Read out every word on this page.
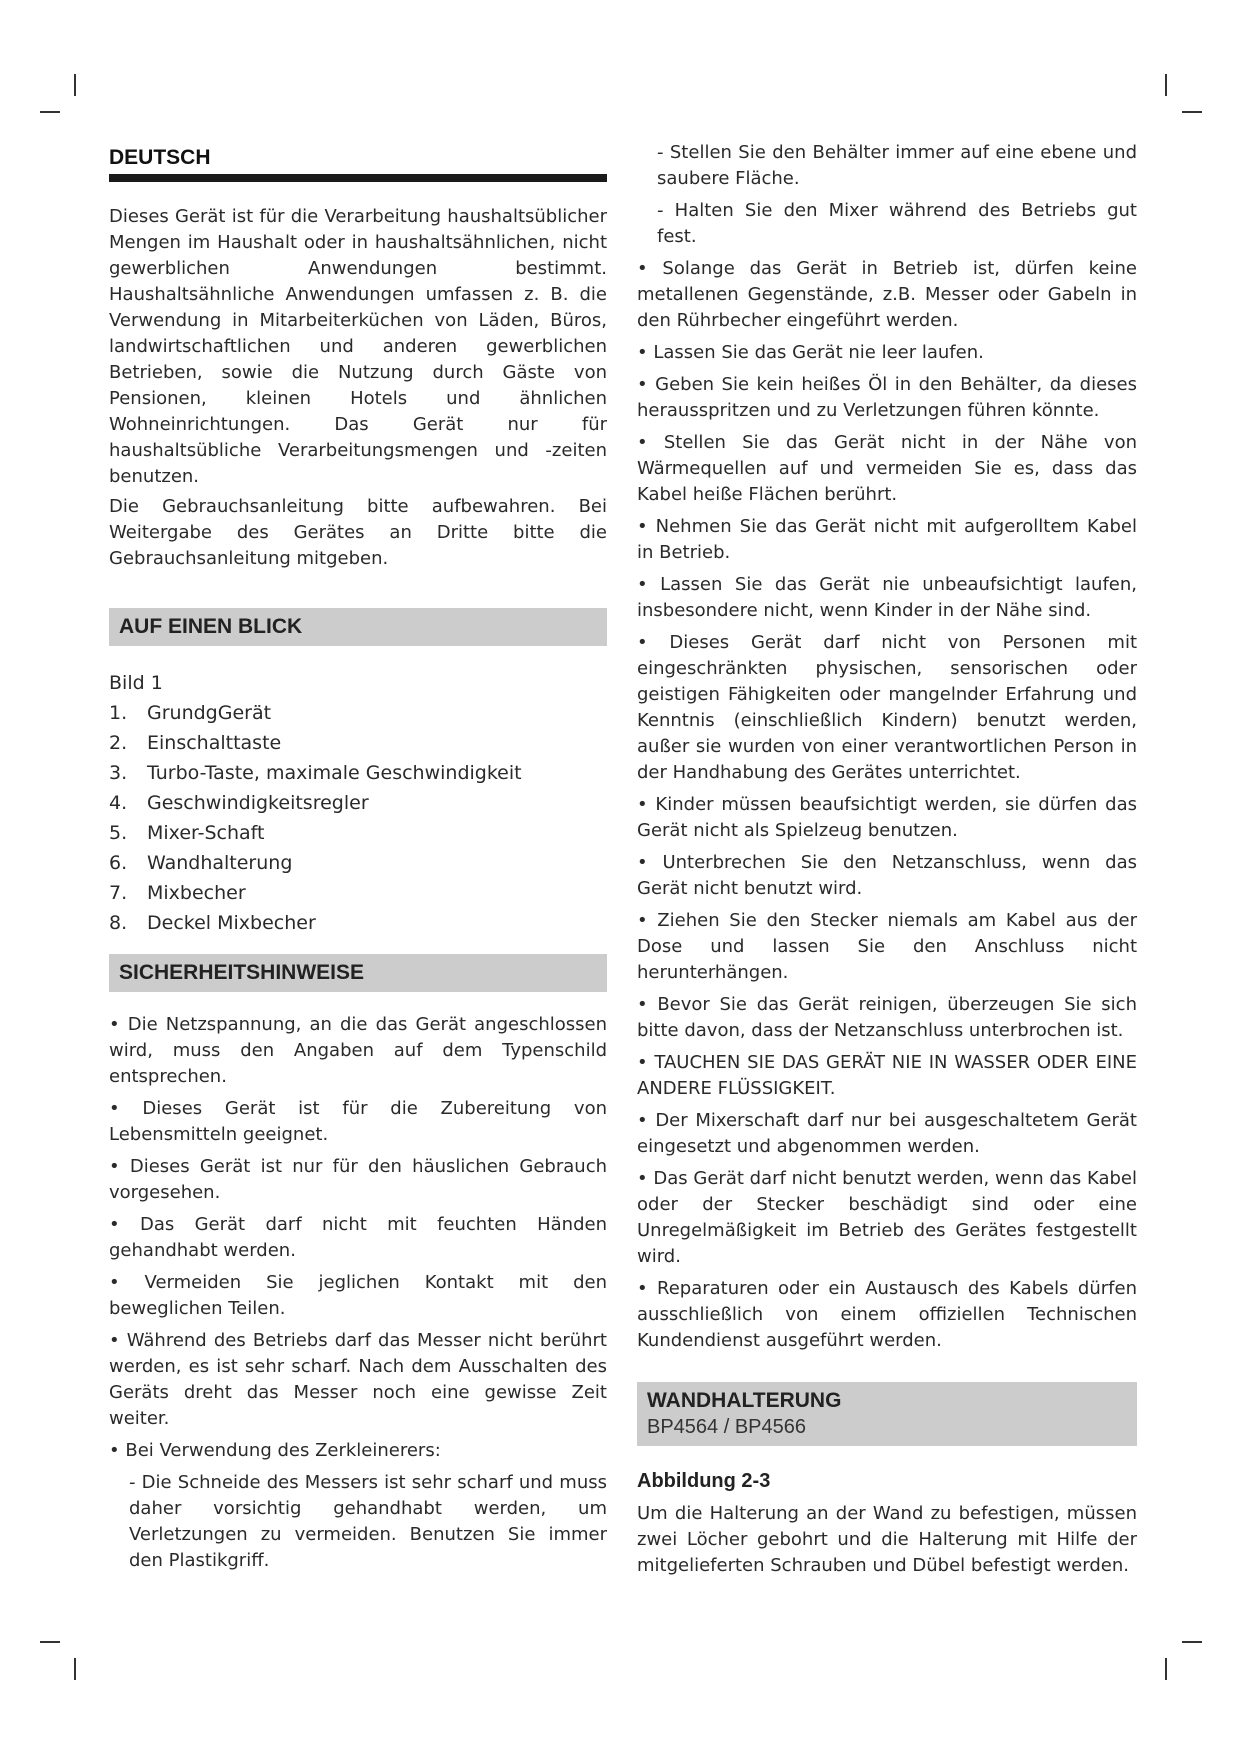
DEUTSCH

Dieses Gerät ist für die Verarbeitung haushaltsüblicher Mengen im Haushalt oder in haushaltsähnlichen, nicht gewerblichen Anwendungen bestimmt. Haushaltsähnliche Anwendungen umfassen z. B. die Verwendung in Mitarbeiterküchen von Läden, Büros, landwirtschaftlichen und anderen gewerblichen Betrieben, sowie die Nutzung durch Gäste von Pensionen, kleinen Hotels und ähnlichen Wohneinrichtungen. Das Gerät nur für haushaltsübliche Verarbeitungsmengen und -zeiten benutzen.

Die Gebrauchsanleitung bitte aufbewahren. Bei Weitergabe des Gerätes an Dritte bitte die Gebrauchsanleitung mitgeben.

AUF EINEN BLICK

Bild 1

1. GrundgGerät
2. Einschalttaste
3. Turbo-Taste, maximale Geschwindigkeit
4. Geschwindigkeitsregler
5. Mixer-Schaft
6. Wandhalterung
7. Mixbecher
8. Deckel Mixbecher
SICHERHEITSHINWEISE

• Die Netzspannung, an die das Gerät angeschlossen wird, muss den Angaben auf dem Typenschild entsprechen.

• Dieses Gerät ist für die Zubereitung von Lebensmitteln geeignet.

• Dieses Gerät ist nur für den häuslichen Gebrauch vorgesehen.

• Das Gerät darf nicht mit feuchten Händen gehandhabt werden.

• Vermeiden Sie jeglichen Kontakt mit den beweglichen Teilen.

• Während des Betriebs darf das Messer nicht berührt werden, es ist sehr scharf. Nach dem Ausschalten des Geräts dreht das Messer noch eine gewisse Zeit weiter.

• Bei Verwendung des Zerkleinerers:

- Die Schneide des Messers ist sehr scharf und muss daher vorsichtig gehandhabt werden, um Verletzungen zu vermeiden. Benutzen Sie immer den Plastikgriff.

- Stellen Sie den Behälter immer auf eine ebene und saubere Fläche.

- Halten Sie den Mixer während des Betriebs gut fest.

• Solange das Gerät in Betrieb ist, dürfen keine metallenen Gegenstände, z.B. Messer oder Gabeln in den Rührbecher eingeführt werden.

• Lassen Sie das Gerät nie leer laufen.

• Geben Sie kein heißes Öl in den Behälter, da dieses herausspritzen und zu Verletzungen führen könnte.

• Stellen Sie das Gerät nicht in der Nähe von Wärmequellen auf und vermeiden Sie es, dass das Kabel heiße Flächen berührt.

• Nehmen Sie das Gerät nicht mit aufgerolltem Kabel in Betrieb.

• Lassen Sie das Gerät nie unbeaufsichtigt laufen, insbesondere nicht, wenn Kinder in der Nähe sind.

• Dieses Gerät darf nicht von Personen mit eingeschränkten physischen, sensorischen oder geistigen Fähigkeiten oder mangelnder Erfahrung und Kenntnis (einschließlich Kindern) benutzt werden, außer sie wurden von einer verantwortlichen Person in der Handhabung des Gerätes unterrichtet.

• Kinder müssen beaufsichtigt werden, sie dürfen das Gerät nicht als Spielzeug benutzen.

• Unterbrechen Sie den Netzanschluss, wenn das Gerät nicht benutzt wird.

• Ziehen Sie den Stecker niemals am Kabel aus der Dose und lassen Sie den Anschluss nicht herunterhängen.

• Bevor Sie das Gerät reinigen, überzeugen Sie sich bitte davon, dass der Netzanschluss unterbrochen ist.

• TAUCHEN SIE DAS GERÄT NIE IN WASSER ODER EINE ANDERE FLÜSSIGKEIT.

• Der Mixerschaft darf nur bei ausgeschaltetem Gerät eingesetzt und abgenommen werden.

• Das Gerät darf nicht benutzt werden, wenn das Kabel oder der Stecker beschädigt sind oder eine Unregelmäßigkeit im Betrieb des Gerätes festgestellt wird.

• Reparaturen oder ein Austausch des Kabels dürfen ausschließlich von einem offiziellen Technischen Kundendienst ausgeführt werden.

WANDHALTERUNG
BP4564 / BP4566
Abbildung 2-3

Um die Halterung an der Wand zu befestigen, müssen zwei Löcher gebohrt und die Halterung mit Hilfe der mitgelieferten Schrauben und Dübel befestigt werden.
